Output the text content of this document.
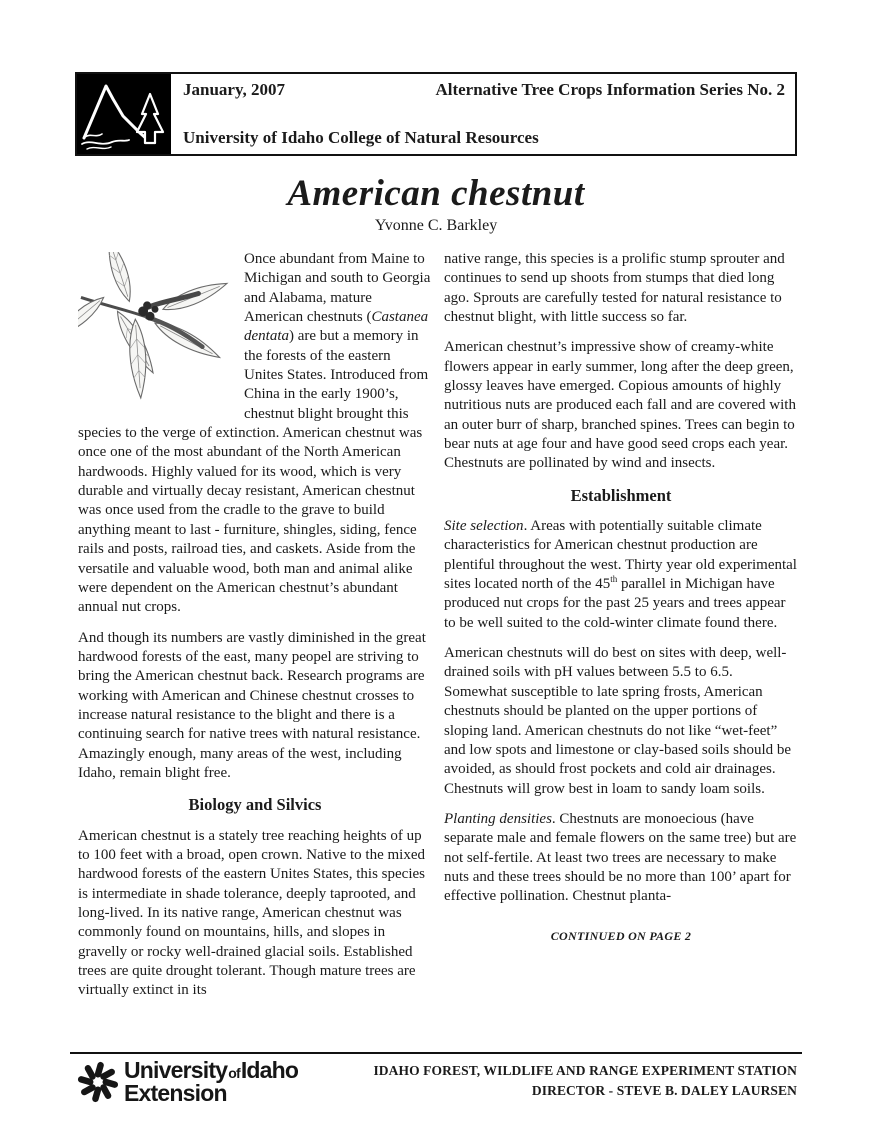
January, 2007	Alternative Tree Crops Information Series No. 2
University of Idaho College of Natural Resources
American chestnut
Yvonne C. Barkley

Once abundant from Maine to Michigan and south to Georgia and Alabama, mature American chestnuts (Castanea dentata) are but a memory in the forests of the eastern Unites States. Introduced from China in the early 1900’s, chestnut blight brought this species to the verge of extinction. American chestnut was once one of the most abundant of the North American hardwoods. Highly valued for its wood, which is very durable and virtually decay resistant, American chestnut was once used from the cradle to the grave to build anything meant to last - furniture, shingles, siding, fence rails and posts, railroad ties, and caskets. Aside from the versatile and valuable wood, both man and animal alike were dependent on the American chestnut’s abundant annual nut crops.

And though its numbers are vastly diminished in the great hardwood forests of the east, many peopel are striving to bring the American chestnut back. Research programs are working with American and Chinese chestnut crosses to increase natural resistance to the blight and there is a continuing search for native trees with natural resistance. Amazingly enough, many areas of the west, including Idaho, remain blight free.

Biology and Silvics

American chestnut is a stately tree reaching heights of up to 100 feet with a broad, open crown. Native to the mixed hardwood forests of the eastern Unites States, this species is intermediate in shade tolerance, deeply taprooted, and long-lived. In its native range, American chestnut was commonly found on mountains, hills, and slopes in gravelly or rocky well-drained glacial soils. Established trees are quite drought tolerant. Though mature trees are virtually extinct in its

native range, this species is a prolific stump sprouter and continues to send up shoots from stumps that died long ago. Sprouts are carefully tested for natural resistance to chestnut blight, with little success so far.

American chestnut’s impressive show of creamy-white flowers appear in early summer, long after the deep green, glossy leaves have emerged. Copious amounts of highly nutritious nuts are produced each fall and are covered with an outer burr of sharp, branched spines. Trees can begin to bear nuts at age four and have good seed crops each year. Chestnuts are pollinated by wind and insects.

Establishment

Site selection. Areas with potentially suitable climate characteristics for American chestnut production are plentiful throughout the west. Thirty year old experimental sites located north of the 45th parallel in Michigan have produced nut crops for the past 25 years and trees appear to be well suited to the cold-winter climate found there.

American chestnuts will do best on sites with deep, well-drained soils with pH values between 5.5 to 6.5. Somewhat susceptible to late spring frosts, American chestnuts should be planted on the upper portions of sloping land. American chestnuts do not like “wet-feet” and low spots and limestone or clay-based soils should be avoided, as should frost pockets and cold air drainages. Chestnuts will grow best in loam to sandy loam soils.

Planting densities. Chestnuts are monoecious (have separate male and female flowers on the same tree) but are not self-fertile. At least two trees are necessary to make nuts and these trees should be no more than 100’ apart for effective pollination. Chestnut planta-

CONTINUED ON PAGE 2
UniversityofIdaho
Extension
IDAHO FOREST, WILDLIFE AND RANGE EXPERIMENT STATION
DIRECTOR - STEVE B. DALEY LAURSEN
